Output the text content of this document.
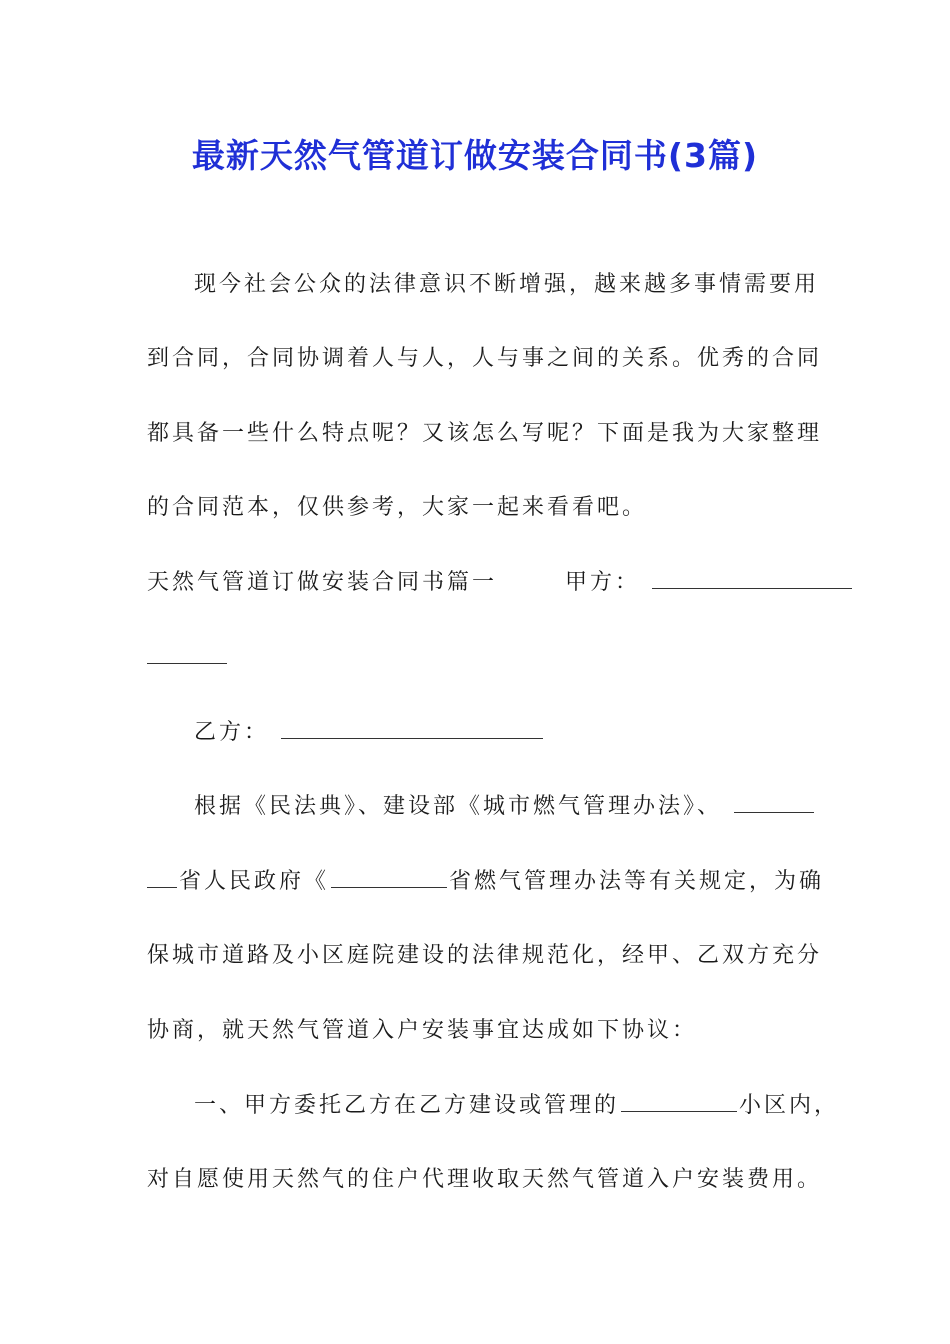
最新天然气管道订做安装合同书(3篇)
现今社会公众的法律意识不断增强，越来越多事情需要用
到合同，合同协调着人与人，人与事之间的关系。优秀的合同
都具备一些什么特点呢？又该怎么写呢？下面是我为大家整理
的合同范本，仅供参考，大家一起来看看吧。
天然气管道订做安装合同书篇一	甲方：
乙方：
根据《民法典》、建设部《城市燃气管理办法》、
省人民政府《	省燃气管理办法等有关规定，为确
保城市道路及小区庭院建设的法律规范化，经甲、乙双方充分
协商，就天然气管道入户安装事宜达成如下协议：
一、甲方委托乙方在乙方建设或管理的	小区内，
对自愿使用天然气的住户代理收取天然气管道入户安装费用。
